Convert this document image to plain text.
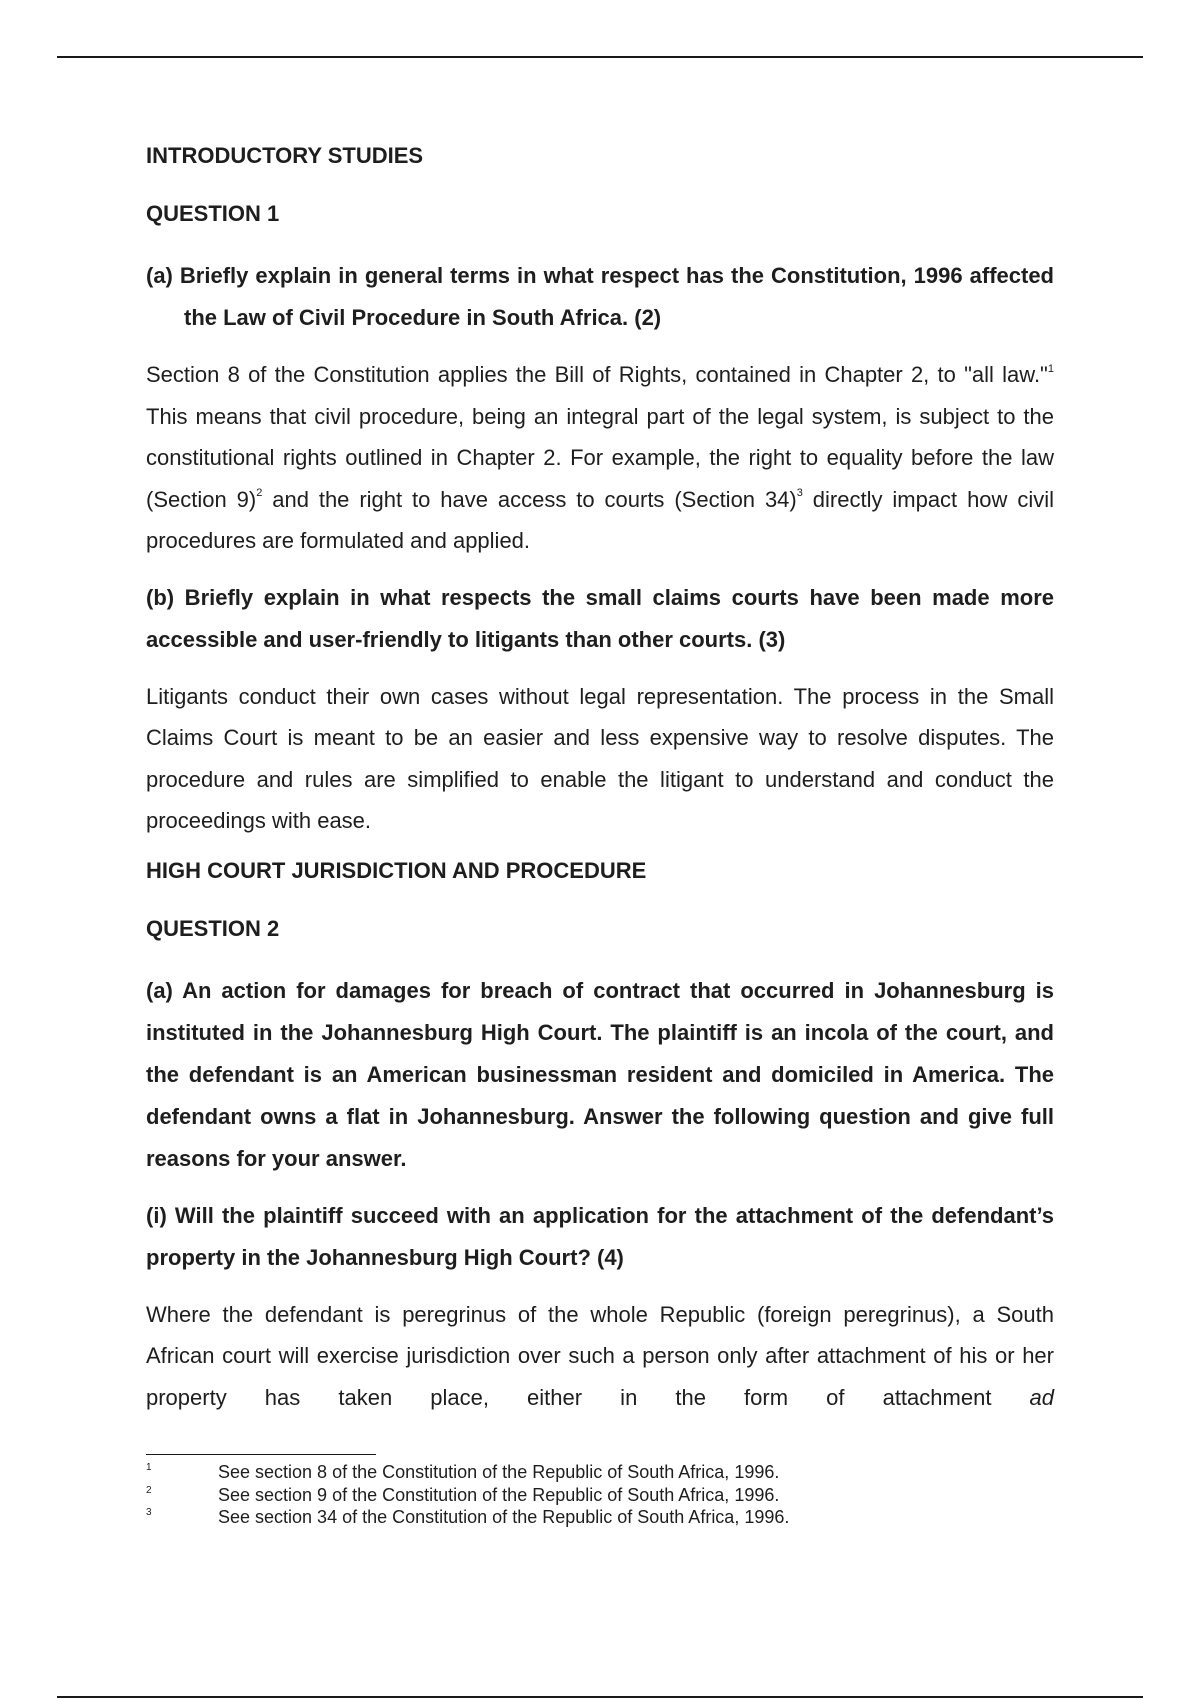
INTRODUCTORY STUDIES

QUESTION 1

(a) Briefly explain in general terms in what respect has the Constitution, 1996 affected the Law of Civil Procedure in South Africa. (2)

Section 8 of the Constitution applies the Bill of Rights, contained in Chapter 2, to "all law."$^1$ This means that civil procedure, being an integral part of the legal system, is subject to the constitutional rights outlined in Chapter 2. For example, the right to equality before the law (Section 9)$^2$ and the right to have access to courts (Section 34)$^3$ directly impact how civil procedures are formulated and applied.

(b) Briefly explain in what respects the small claims courts have been made more accessible and user-friendly to litigants than other courts. (3)

Litigants conduct their own cases without legal representation. The process in the Small Claims Court is meant to be an easier and less expensive way to resolve disputes. The procedure and rules are simplified to enable the litigant to understand and conduct the proceedings with ease.

HIGH COURT JURISDICTION AND PROCEDURE

QUESTION 2

(a) An action for damages for breach of contract that occurred in Johannesburg is instituted in the Johannesburg High Court. The plaintiff is an incola of the court, and the defendant is an American businessman resident and domiciled in America. The defendant owns a flat in Johannesburg. Answer the following question and give full reasons for your answer.

(i) Will the plaintiff succeed with an application for the attachment of the defendant’s property in the Johannesburg High Court? (4)

Where the defendant is peregrinus of the whole Republic (foreign peregrinus), a South African court will exercise jurisdiction over such a person only after attachment of his or her property has taken place, either in the form of attachment ad

1	See section 8 of the Constitution of the Republic of South Africa, 1996.
2	See section 9 of the Constitution of the Republic of South Africa, 1996.
3	See section 34 of the Constitution of the Republic of South Africa, 1996.
